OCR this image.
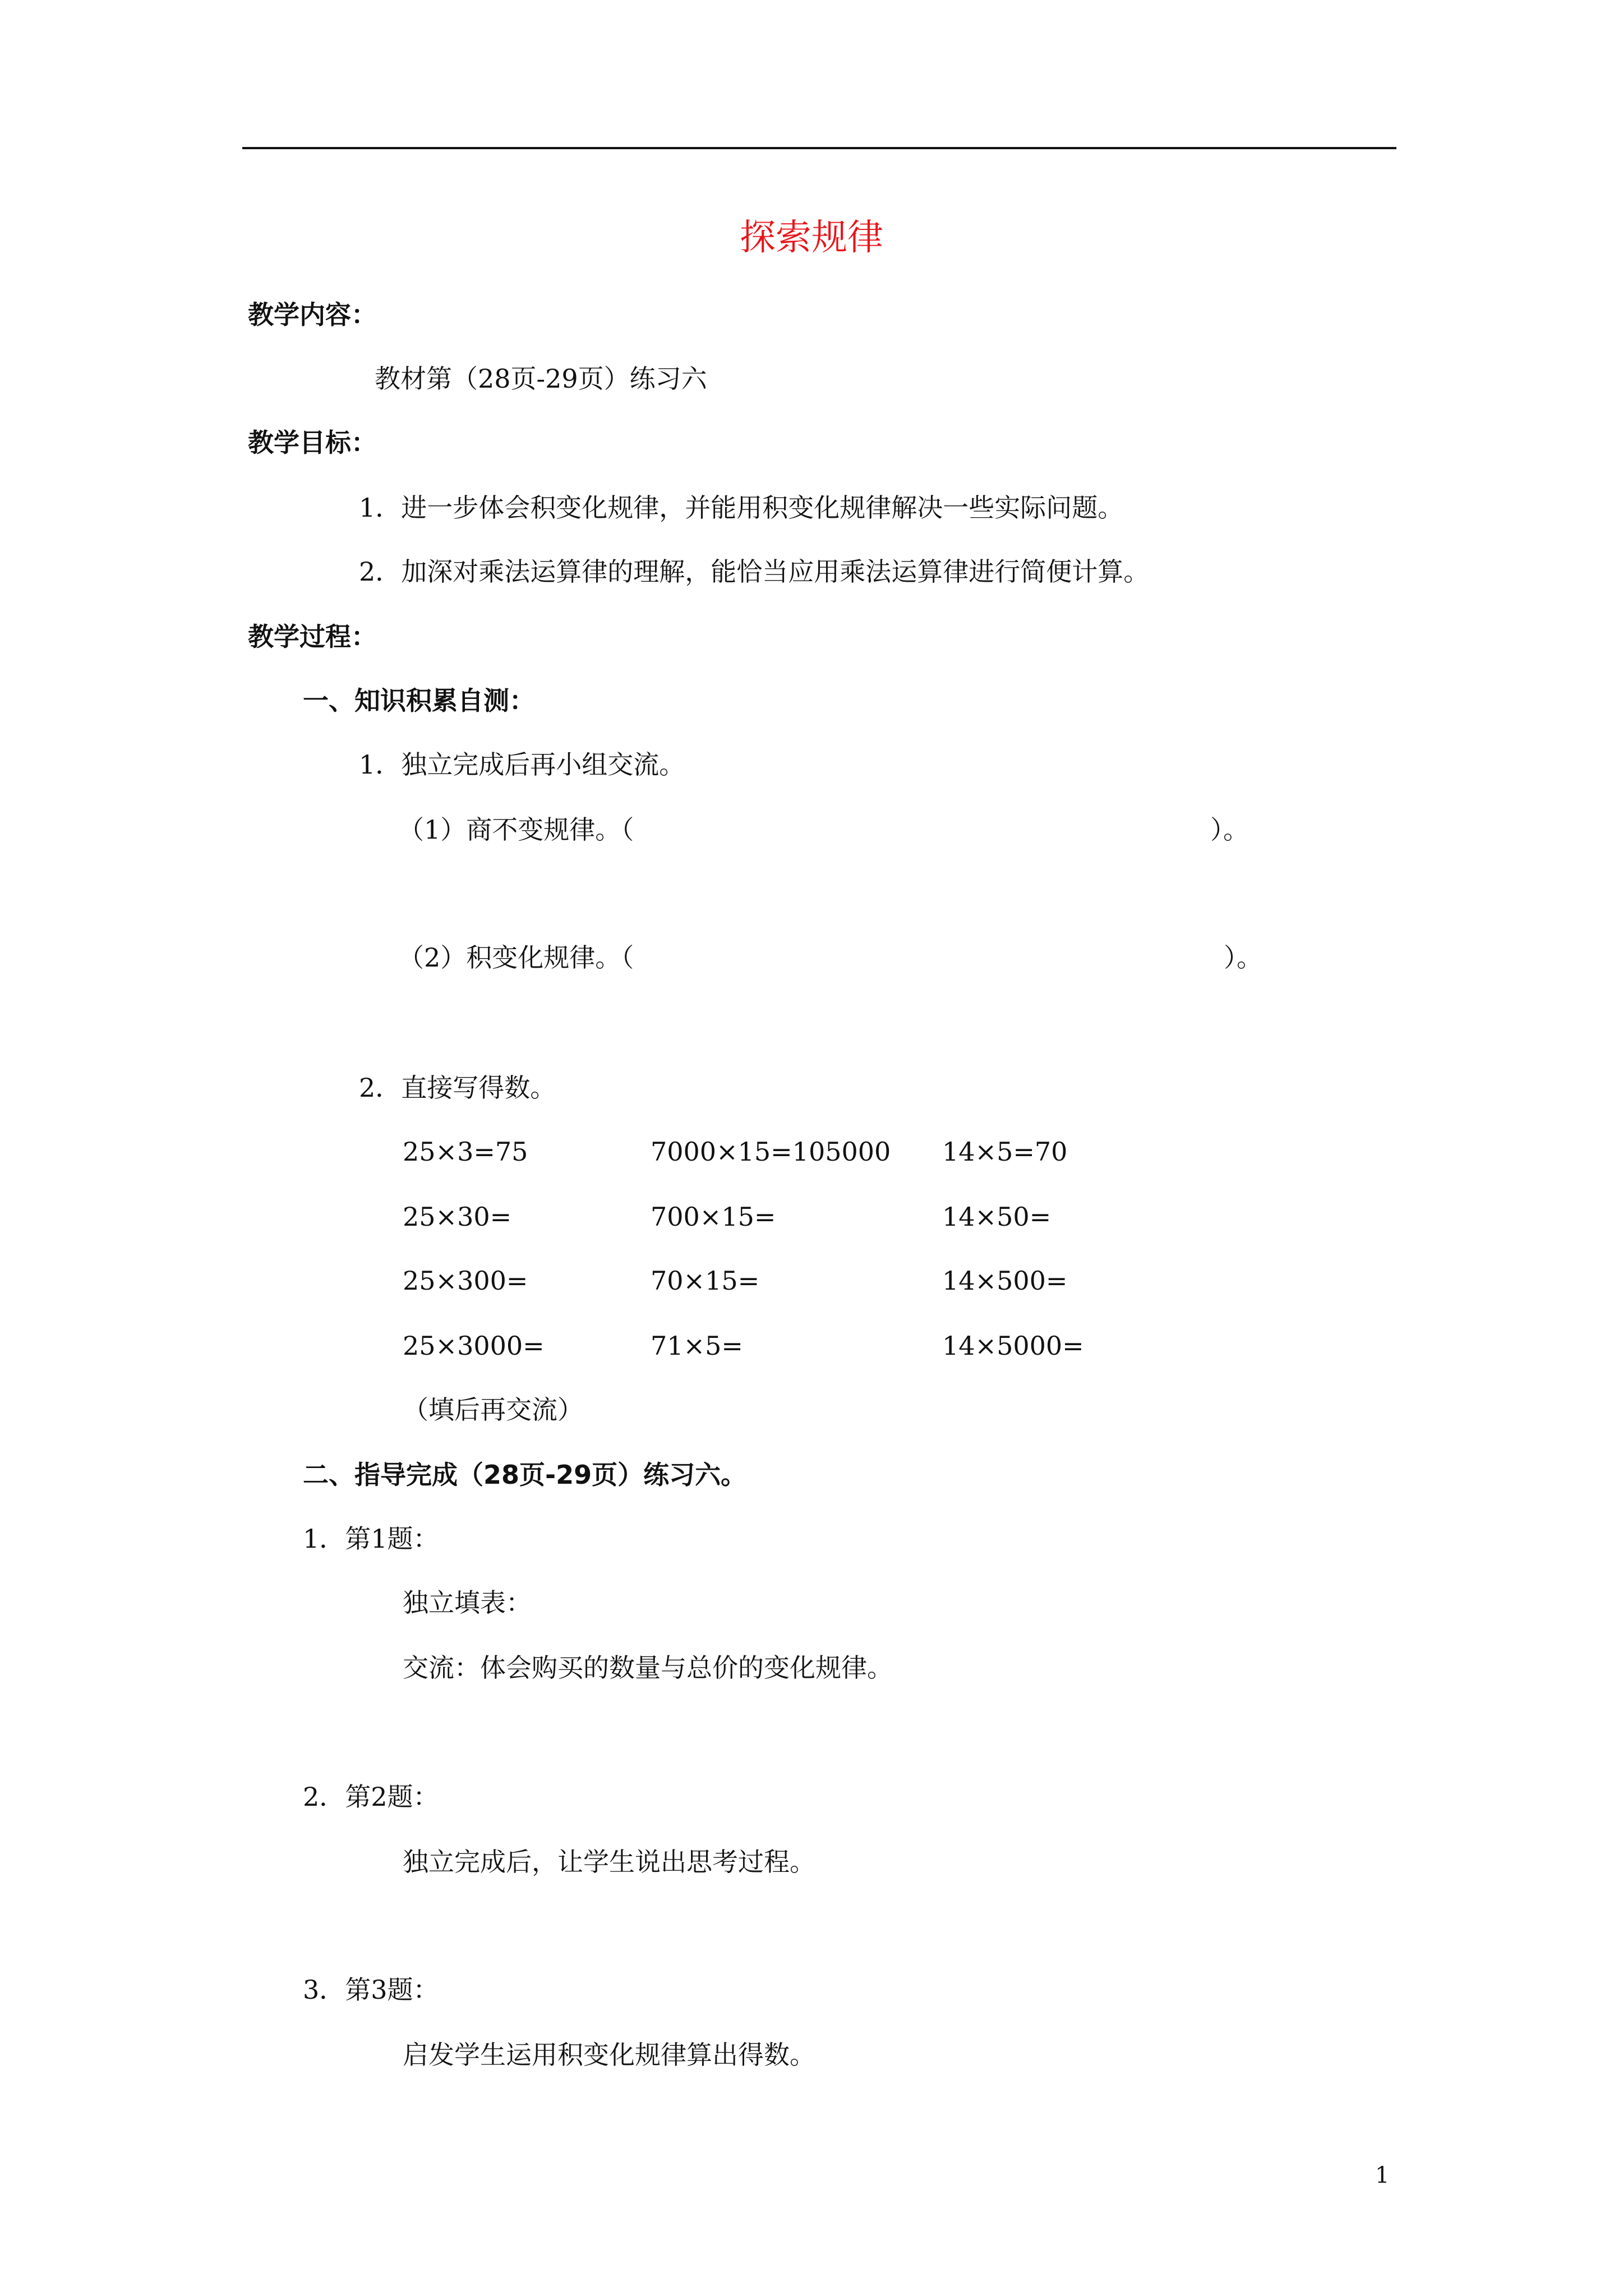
探索规律
教学内容：
教材第（28页-29页）练习六
教学目标：
1．进一步体会积变化规律，并能用积变化规律解决一些实际问题。
2．加深对乘法运算律的理解，能恰当应用乘法运算律进行简便计算。
教学过程：
一、知识积累自测：
1．独立完成后再小组交流。
（1）商不变规律。（	）。
（2）积变化规律。（	）。
2．直接写得数。
25×3=75	7000×15=105000 14×5=70
25×30=	700×15=	14×50=
25×300=	70×15=	14×500=
25×3000=	71×5=	14×5000=
（填后再交流）
二、指导完成（28页-29页）练习六。
1．第1题：
独立填表：
交流：体会购买的数量与总价的变化规律。
2．第2题：
独立完成后，让学生说出思考过程。
3．第3题：
启发学生运用积变化规律算出得数。
1
